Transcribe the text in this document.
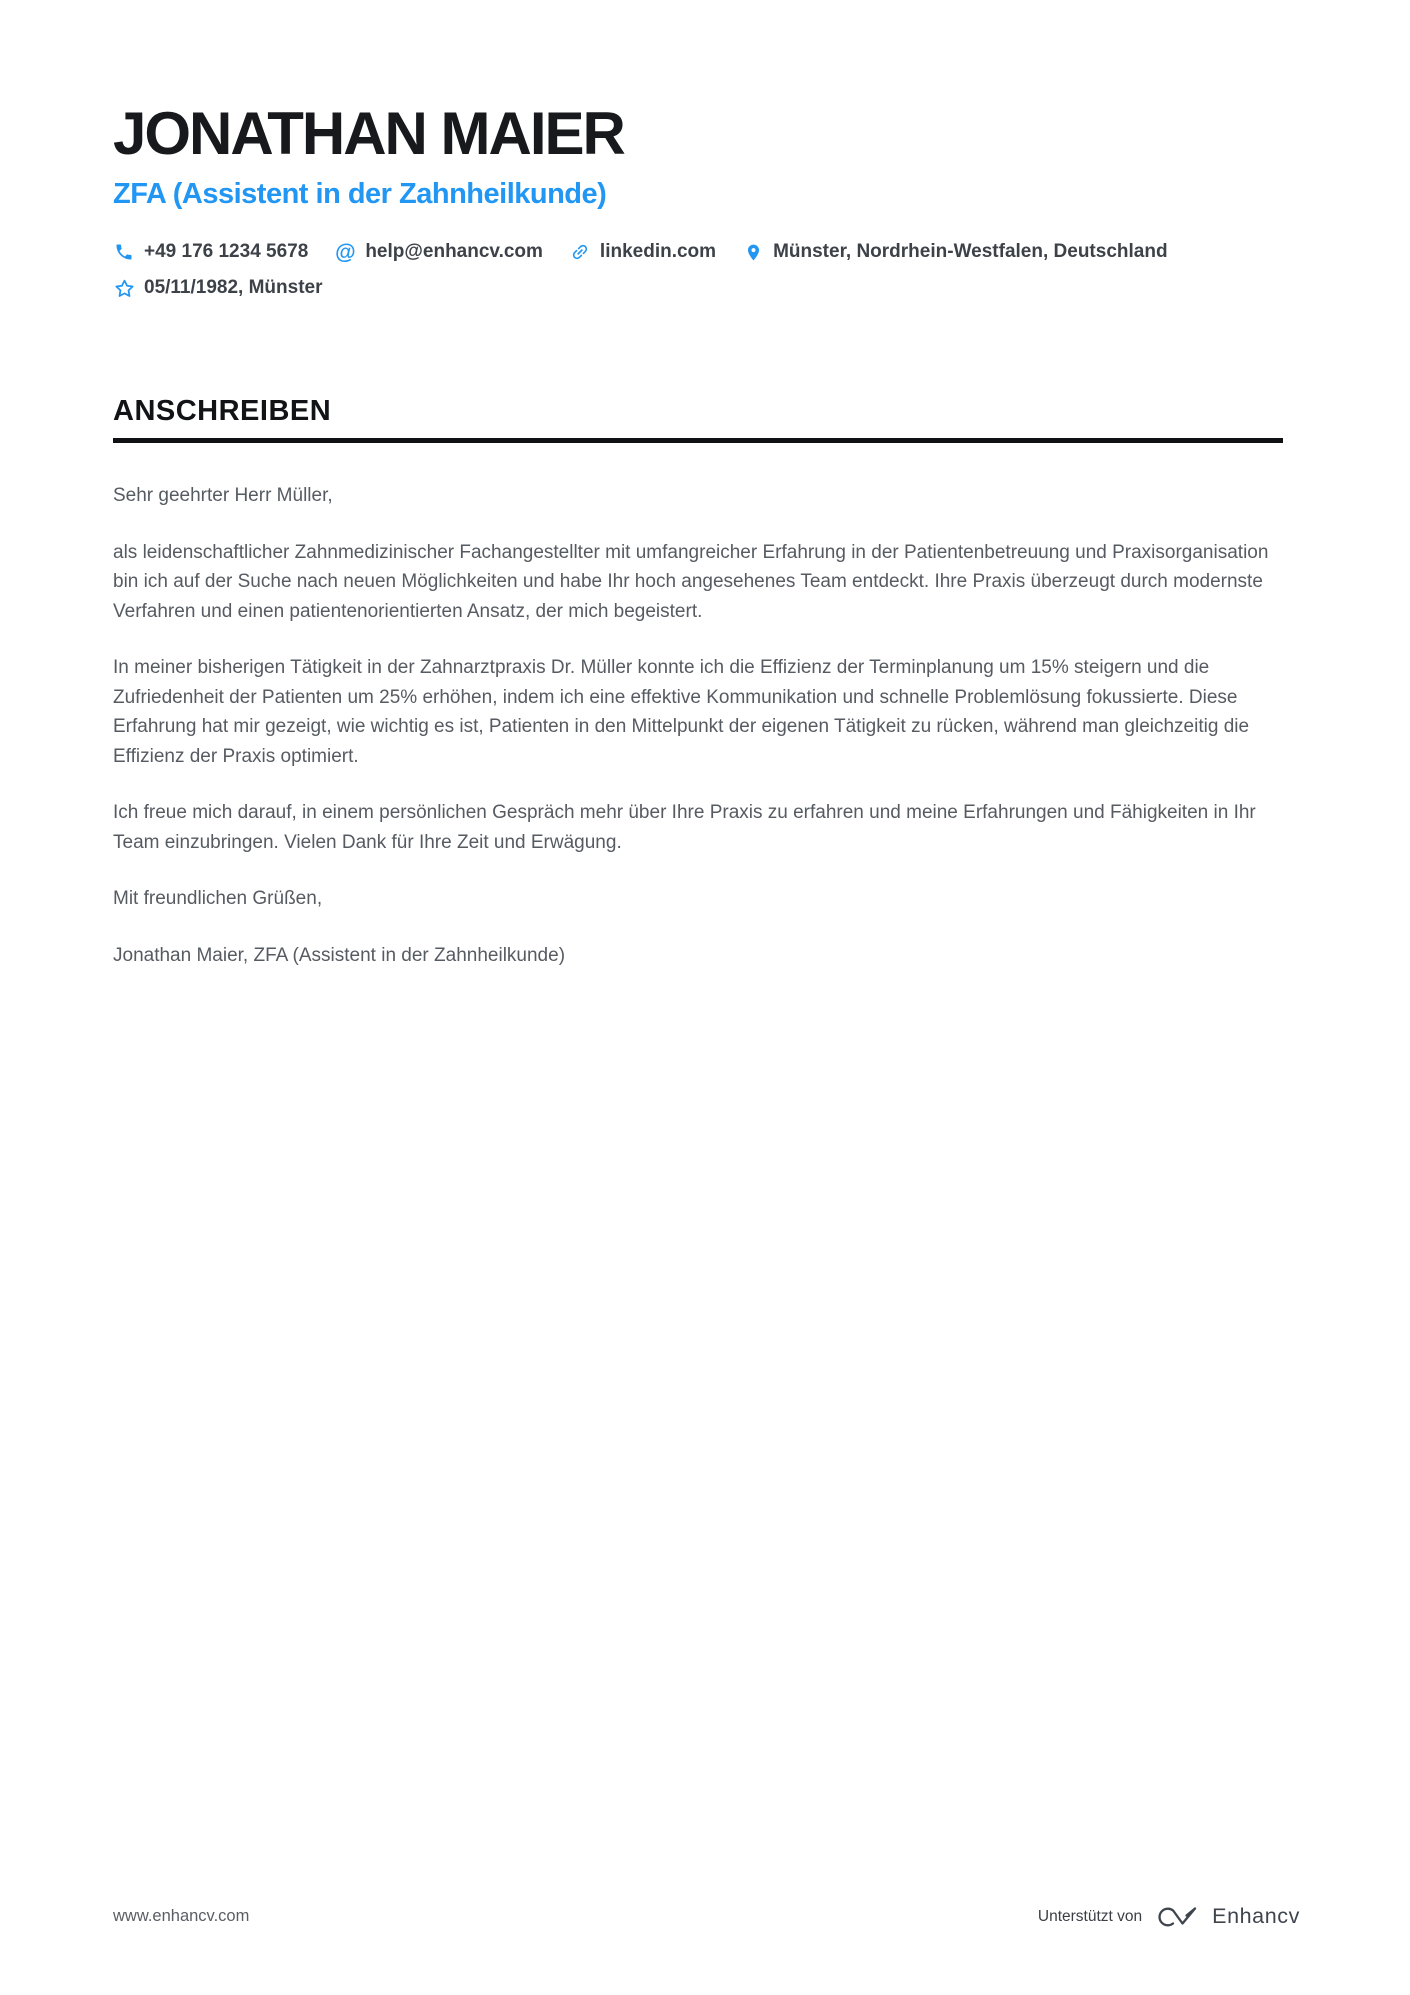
JONATHAN MAIER
ZFA (Assistent in der Zahnheilkunde)
+49 176 1234 5678 @ help@enhancv.com	linkedin.com	Münster, Nordrhein-Westfalen, Deutschland
05/11/1982, Münster
ANSCHREIBEN

Sehr geehrter Herr Müller,

als leidenschaftlicher Zahnmedizinischer Fachangestellter mit umfangreicher Erfahrung in der Patientenbetreuung und Praxisorganisation bin ich auf der Suche nach neuen Möglichkeiten und habe Ihr hoch angesehenes Team entdeckt. Ihre Praxis überzeugt durch modernste Verfahren und einen patientenorientierten Ansatz, der mich begeistert.

In meiner bisherigen Tätigkeit in der Zahnarztpraxis Dr. Müller konnte ich die Effizienz der Terminplanung um 15% steigern und die Zufriedenheit der Patienten um 25% erhöhen, indem ich eine effektive Kommunikation und schnelle Problemlösung fokussierte. Diese Erfahrung hat mir gezeigt, wie wichtig es ist, Patienten in den Mittelpunkt der eigenen Tätigkeit zu rücken, während man gleichzeitig die Effizienz der Praxis optimiert.

Ich freue mich darauf, in einem persönlichen Gespräch mehr über Ihre Praxis zu erfahren und meine Erfahrungen und Fähigkeiten in Ihr Team einzubringen. Vielen Dank für Ihre Zeit und Erwägung.

Mit freundlichen Grüßen,

Jonathan Maier, ZFA (Assistent in der Zahnheilkunde)

www.enhancv.com	Unterstützt von	Enhancv
